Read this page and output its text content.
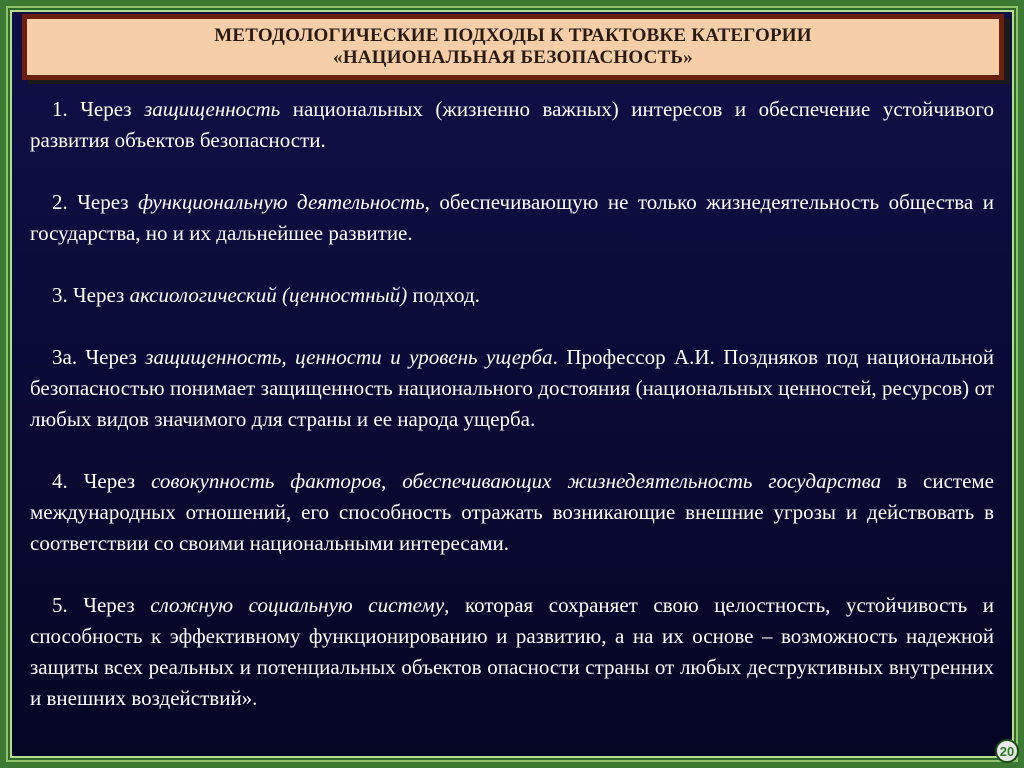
МЕТОДОЛОГИЧЕСКИЕ ПОДХОДЫ К ТРАКТОВКЕ КАТЕГОРИИ
«НАЦИОНАЛЬНАЯ БЕЗОПАСНОСТЬ»

1. Через защищенность национальных (жизненно важных) интересов и обеспечение устойчивого развития объектов безопасности.

2. Через функциональную деятельность, обеспечивающую не только жизнедеятельность общества и государства, но и их дальнейшее развитие.

3. Через аксиологический (ценностный) подход.

3а. Через защищенность, ценности и уровень ущерба. Профессор А.И. Поздняков под национальной безопасностью понимает защищенность национального достояния (национальных ценностей, ресурсов) от любых видов значимого для страны и ее народа ущерба.

4. Через совокупность факторов, обеспечивающих жизнедеятельность государства в системе международных отношений, его способность отражать возникающие внешние угрозы и действовать в соответствии со своими национальными интересами.

5. Через сложную социальную систему, которая сохраняет свою целостность, устойчивость и способность к эффективному функционированию и развитию, а на их основе – возможность надежной защиты всех реальных и потенциальных объектов опасности страны от любых деструктивных внутренних и внешних воздействий».

20
